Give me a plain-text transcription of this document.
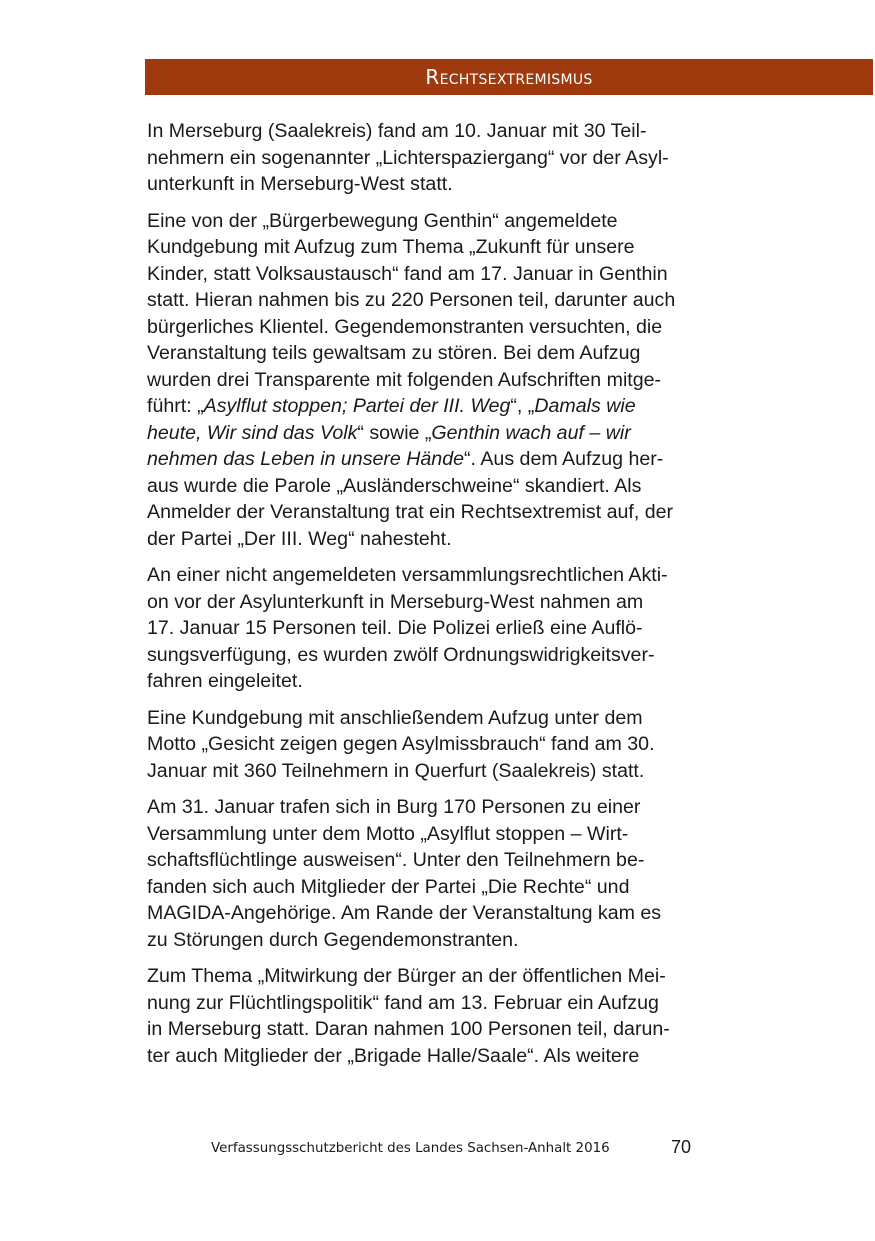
Rechtsextremismus

In Merseburg (Saalekreis) fand am 10. Januar mit 30 Teil-
nehmern ein sogenannter „Lichterspaziergang“ vor der Asyl-
unterkunft in Merseburg-West statt.

Eine von der „Bürgerbewegung Genthin“ angemeldete
Kundgebung mit Aufzug zum Thema „Zukunft für unsere
Kinder, statt Volksaustausch“ fand am 17. Januar in Genthin
statt. Hieran nahmen bis zu 220 Personen teil, darunter auch
bürgerliches Klientel. Gegendemonstranten versuchten, die
Veranstaltung teils gewaltsam zu stören. Bei dem Aufzug
wurden drei Transparente mit folgenden Aufschriften mitge-
führt: „Asylflut stoppen; Partei der III. Weg“, „Damals wie
heute, Wir sind das Volk“ sowie „Genthin wach auf – wir
nehmen das Leben in unsere Hände“. Aus dem Aufzug her-
aus wurde die Parole „Ausländerschweine“ skandiert. Als
Anmelder der Veranstaltung trat ein Rechtsextremist auf, der
der Partei „Der III. Weg“ nahesteht.

An einer nicht angemeldeten versammlungsrechtlichen Akti-
on vor der Asylunterkunft in Merseburg-West nahmen am
17. Januar 15 Personen teil. Die Polizei erließ eine Auflö-
sungsverfügung, es wurden zwölf Ordnungswidrigkeitsver-
fahren eingeleitet.

Eine Kundgebung mit anschließendem Aufzug unter dem
Motto „Gesicht zeigen gegen Asylmissbrauch“ fand am 30.
Januar mit 360 Teilnehmern in Querfurt (Saalekreis) statt.

Am 31. Januar trafen sich in Burg 170 Personen zu einer
Versammlung unter dem Motto „Asylflut stoppen – Wirt-
schaftsflüchtlinge ausweisen“. Unter den Teilnehmern be-
fanden sich auch Mitglieder der Partei „Die Rechte“ und
MAGIDA-Angehörige. Am Rande der Veranstaltung kam es
zu Störungen durch Gegendemonstranten.

Zum Thema „Mitwirkung der Bürger an der öffentlichen Mei-
nung zur Flüchtlingspolitik“ fand am 13. Februar ein Aufzug
in Merseburg statt. Daran nahmen 100 Personen teil, darun-
ter auch Mitglieder der „Brigade Halle/Saale“. Als weitere

Verfassungsschutzbericht des Landes Sachsen-Anhalt 2016	70
